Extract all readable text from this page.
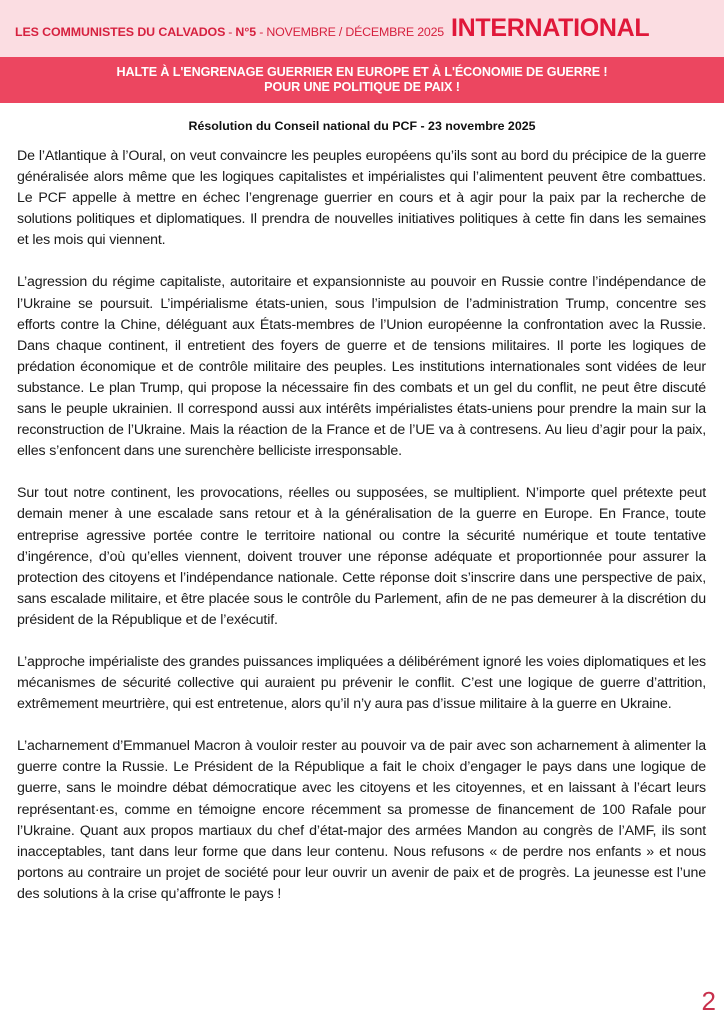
LES COMMUNISTES DU CALVADOS - N°5 - NOVEMBRE / DÉCEMBRE 2025 INTERNATIONAL
HALTE À L'ENGRENAGE GUERRIER EN EUROPE ET À L'ÉCONOMIE DE GUERRE !
POUR UNE POLITIQUE DE PAIX !
Résolution du Conseil national du PCF - 23 novembre 2025

De l’Atlantique à l’Oural, on veut convaincre les peuples européens qu’ils sont au bord du précipice de la guerre généralisée alors même que les logiques capitalistes et impérialistes qui l’alimentent peuvent être combattues. Le PCF appelle à mettre en échec l’engrenage guerrier en cours et à agir pour la paix par la recherche de solutions politiques et diplomatiques. Il prendra de nouvelles initiatives politiques à cette fin dans les semaines et les mois qui viennent.

L’agression du régime capitaliste, autoritaire et expansionniste au pouvoir en Russie contre l’indépendance de l’Ukraine se poursuit. L’impérialisme états-unien, sous l’impulsion de l’administration Trump, concentre ses efforts contre la Chine, déléguant aux États-membres de l’Union européenne la confrontation avec la Russie. Dans chaque continent, il entretient des foyers de guerre et de tensions militaires. Il porte les logiques de prédation économique et de contrôle militaire des peuples. Les institutions internationales sont vidées de leur substance. Le plan Trump, qui propose la nécessaire fin des combats et un gel du conflit, ne peut être discuté sans le peuple ukrainien. Il correspond aussi aux intérêts impérialistes états-uniens pour prendre la main sur la reconstruction de l’Ukraine. Mais la réaction de la France et de l’UE va à contresens. Au lieu d’agir pour la paix, elles s’enfoncent dans une surenchère belliciste irresponsable.

Sur tout notre continent, les provocations, réelles ou supposées, se multiplient. N’importe quel prétexte peut demain mener à une escalade sans retour et à la généralisation de la guerre en Europe. En France, toute entreprise agressive portée contre le territoire national ou contre la sécurité numérique et toute tentative d’ingérence, d’où qu’elles viennent, doivent trouver une réponse adéquate et proportionnée pour assurer la protection des citoyens et l’indépendance nationale. Cette réponse doit s’inscrire dans une perspective de paix, sans escalade militaire, et être placée sous le contrôle du Parlement, afin de ne pas demeurer à la discrétion du président de la République et de l’exécutif.

L’approche impérialiste des grandes puissances impliquées a délibérément ignoré les voies diplomatiques et les mécanismes de sécurité collective qui auraient pu prévenir le conflit. C’est une logique de guerre d’attrition, extrêmement meurtrière, qui est entretenue, alors qu’il n’y aura pas d’issue militaire à la guerre en Ukraine.

L’acharnement d’Emmanuel Macron à vouloir rester au pouvoir va de pair avec son acharnement à alimenter la guerre contre la Russie. Le Président de la République a fait le choix d’engager le pays dans une logique de guerre, sans le moindre débat démocratique avec les citoyens et les citoyennes, et en laissant à l’écart leurs représentant·es, comme en témoigne encore récemment sa promesse de financement de 100 Rafale pour l’Ukraine. Quant aux propos martiaux du chef d’état-major des armées Mandon au congrès de l’AMF, ils sont inacceptables, tant dans leur forme que dans leur contenu. Nous refusons « de perdre nos enfants » et nous portons au contraire un projet de société pour leur ouvrir un avenir de paix et de progrès. La jeunesse est l’une des solutions à la crise qu’affronte le pays !

2
